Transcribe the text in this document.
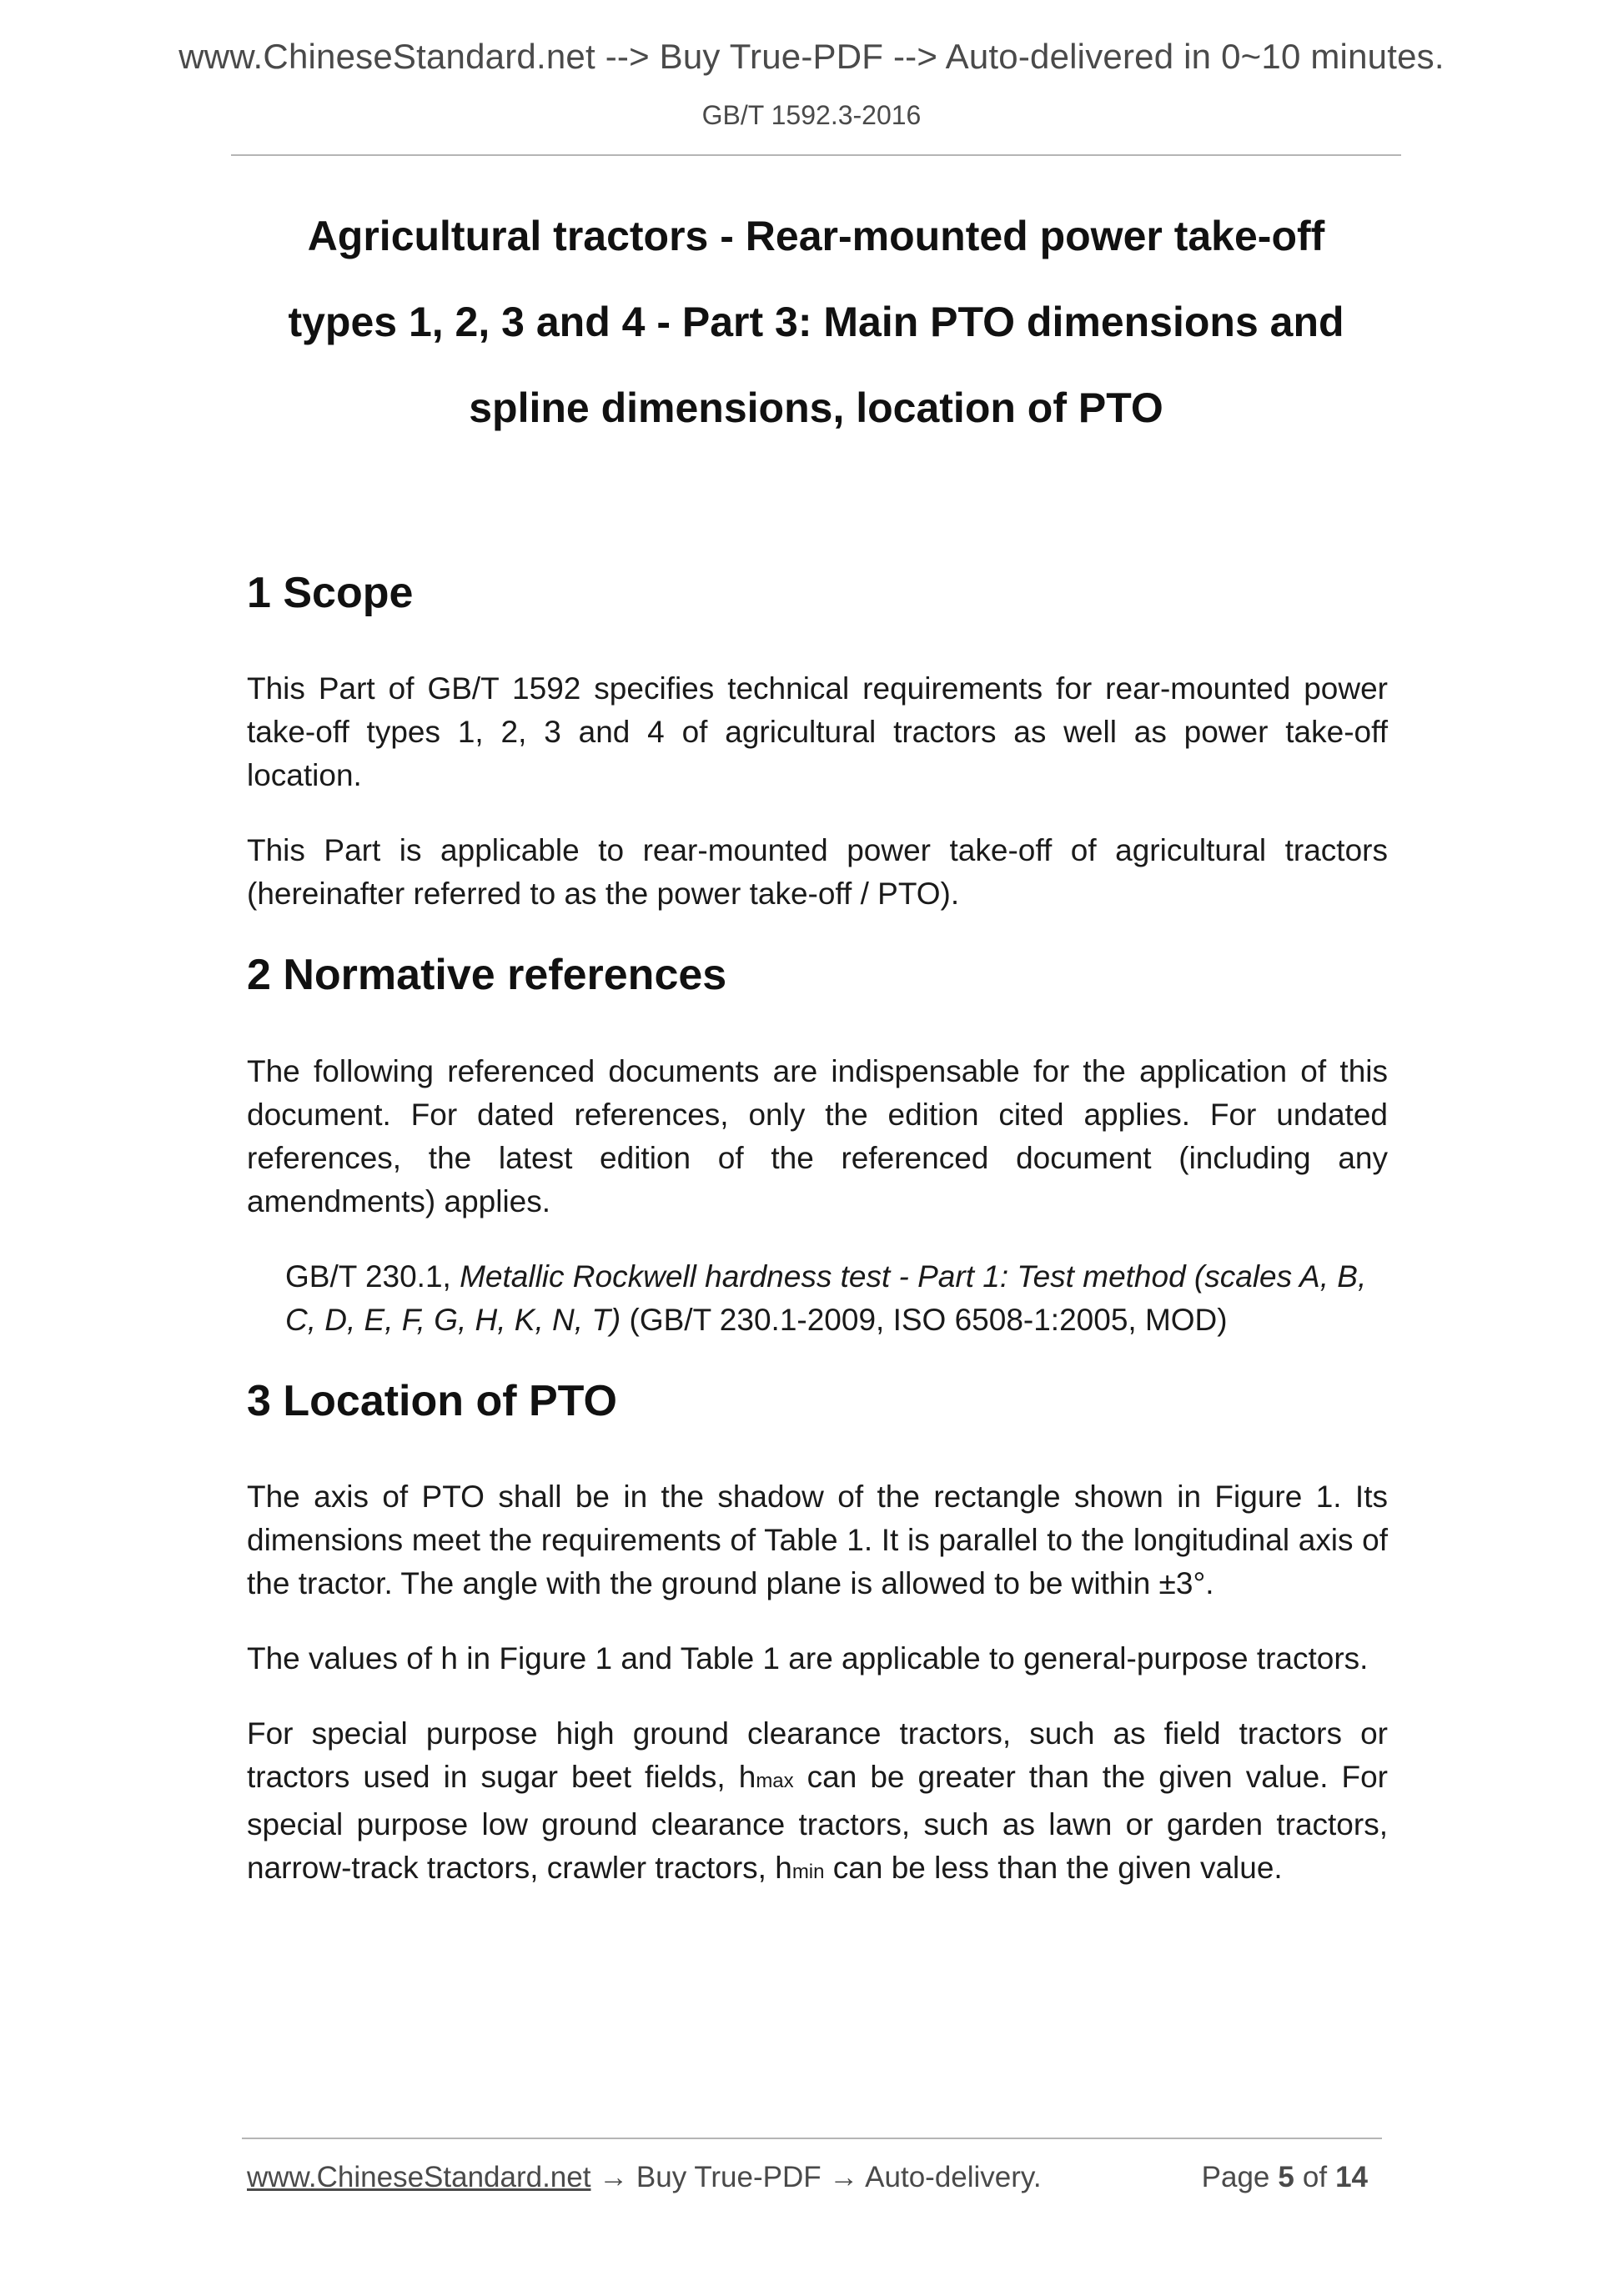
www.ChineseStandard.net --> Buy True-PDF --> Auto-delivered in 0~10 minutes.
GB/T 1592.3-2016
Agricultural tractors - Rear-mounted power take-off
types 1, 2, 3 and 4 - Part 3: Main PTO dimensions and
spline dimensions, location of PTO
1 Scope

This Part of GB/T 1592 specifies technical requirements for rear-mounted power take-off types 1, 2, 3 and 4 of agricultural tractors as well as power take-off location.

This Part is applicable to rear-mounted power take-off of agricultural tractors (hereinafter referred to as the power take-off / PTO).

2 Normative references

The following referenced documents are indispensable for the application of this document. For dated references, only the edition cited applies. For undated references, the latest edition of the referenced document (including any amendments) applies.

GB/T 230.1, Metallic Rockwell hardness test - Part 1: Test method (scales A, B, C, D, E, F, G, H, K, N, T) (GB/T 230.1-2009, ISO 6508-1:2005, MOD)

3 Location of PTO

The axis of PTO shall be in the shadow of the rectangle shown in Figure 1. Its dimensions meet the requirements of Table 1. It is parallel to the longitudinal axis of the tractor. The angle with the ground plane is allowed to be within ±3°.

The values of h in Figure 1 and Table 1 are applicable to general-purpose tractors.

For special purpose high ground clearance tractors, such as field tractors or tractors used in sugar beet fields, hmax can be greater than the given value. For special purpose low ground clearance tractors, such as lawn or garden tractors, narrow-track tractors, crawler tractors, hmin can be less than the given value.

www.ChineseStandard.net → Buy True-PDF → Auto-delivery.	Page 5 of 14
